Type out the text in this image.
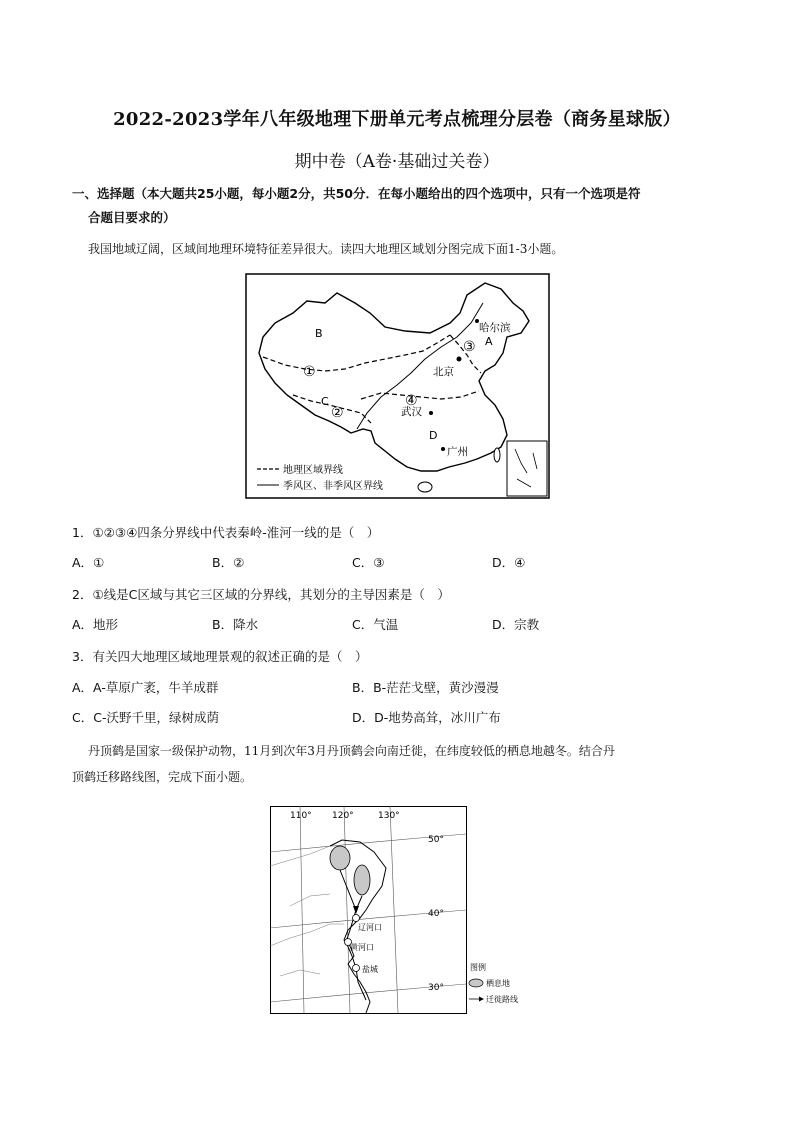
2022-2023学年八年级地理下册单元考点梳理分层卷（商务星球版）
期中卷（A卷·基础过关卷）
一、选择题（本大题共25小题，每小题2分，共50分．在每小题给出的四个选项中，只有一个选项是符
合题目要求的）
我国地域辽阔，区域间地理环境特征差异很大。读四大地理区域划分图完成下面1-3小题。
B
A
C
D
哈尔滨
北京
武汉
广州
①
②
③
④
地理区域界线
季风区、非季风区界线
1．①②③④四条分界线中代表秦岭-淮河一线的是（　）
A．①	B．②	C．③	D．④
2．①线是C区域与其它三区域的分界线，其划分的主导因素是（　）
A．地形	B．降水	C．气温	D．宗教
3．有关四大地理区域地理景观的叙述正确的是（　）
A．A-草原广袤，牛羊成群	B．B-茫茫戈壁，黄沙漫漫
C．C-沃野千里，绿树成荫	D．D-地势高耸，冰川广布
丹顶鹤是国家一级保护动物，11月到次年3月丹顶鹤会向南迁徙，在纬度较低的栖息地越冬。结合丹
顶鹤迁移路线图，完成下面小题。
辽河口
黄河口
盐城
110° 120°	130°
50°
40°
30°
图例
栖息地
迁徙路线
